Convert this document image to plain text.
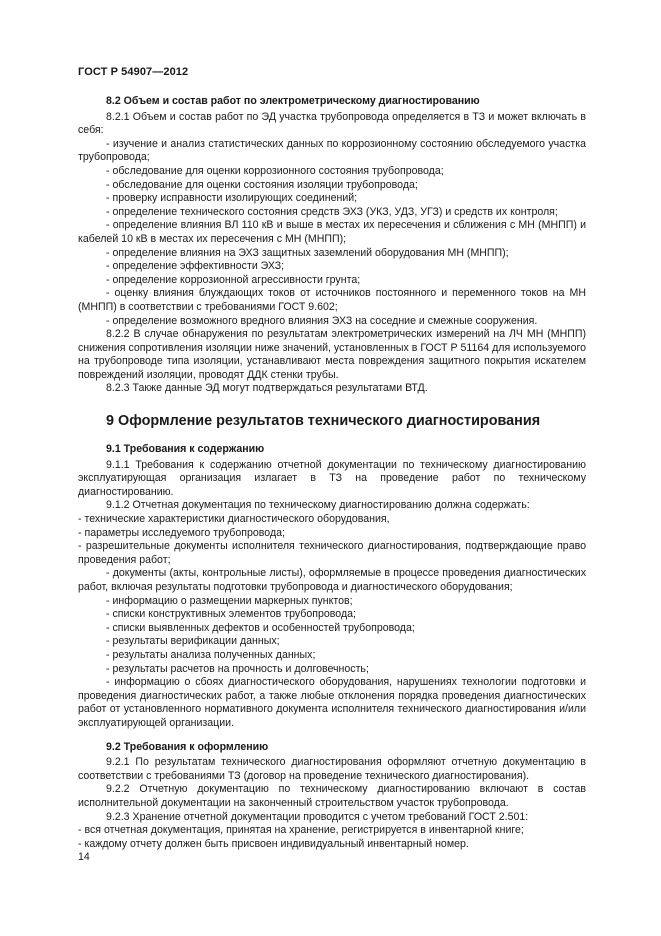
ГОСТ Р 54907—2012
8.2 Объем и состав работ по электрометрическому диагностированию

8.2.1 Объем и состав работ по ЭД участка трубопровода определяется в ТЗ и может включать в себя:

- изучение и анализ статистических данных по коррозионному состоянию обследуемого участка трубопровода;

- обследование для оценки коррозионного состояния трубопровода;

- обследование для оценки состояния изоляции трубопровода;

- проверку исправности изолирующих соединений;

- определение технического состояния средств ЭХЗ (УКЗ, УДЗ, УГЗ) и средств их контроля;

- определение влияния ВЛ 110 кВ и выше в местах их пересечения и сближения с МН (МНПП) и кабелей 10 кВ в местах их пересечения с МН (МНПП);

- определение влияния на ЭХЗ защитных заземлений оборудования МН (МНПП);

- определение эффективности ЭХЗ;

- определение коррозионной агрессивности грунта;

- оценку влияния блуждающих токов от источников постоянного и переменного токов на МН (МНПП) в соответствии с требованиями ГОСТ 9.602;

- определение возможного вредного влияния ЭХЗ на соседние и смежные сооружения.

8.2.2 В случае обнаружения по результатам электрометрических измерений на ЛЧ МН (МНПП) снижения сопротивления изоляции ниже значений, установленных в ГОСТ Р 51164 для используемого на трубопроводе типа изоляции, устанавливают места повреждения защитного покрытия искателем повреждений изоляции, проводят ДДК стенки трубы.

8.2.3 Также данные ЭД могут подтверждаться результатами ВТД.

9 Оформление результатов технического диагностирования
9.1 Требования к содержанию

9.1.1 Требования к содержанию отчетной документации по техническому диагностированию эксплуатирующая организация излагает в ТЗ на проведение работ по техническому диагностированию.

9.1.2 Отчетная документация по техническому диагностированию должна содержать:

- технические характеристики диагностического оборудования,

- параметры исследуемого трубопровода;

- разрешительные документы исполнителя технического диагностирования, подтверждающие право проведения работ;

- документы (акты, контрольные листы), оформляемые в процессе проведения диагностических работ, включая результаты подготовки трубопровода и диагностического оборудования;

- информацию о размещении маркерных пунктов;

- списки конструктивных элементов трубопровода;

- списки выявленных дефектов и особенностей трубопровода;

- результаты верификации данных;

- результаты анализа полученных данных;

- результаты расчетов на прочность и долговечность;

- информацию о сбоях диагностического оборудования, нарушениях технологии подготовки и проведения диагностических работ, а также любые отклонения порядка проведения диагностических работ от установленного нормативного документа исполнителя технического диагностирования и/или эксплуатирующей организации.

9.2 Требования к оформлению

9.2.1 По результатам технического диагностирования оформляют отчетную документацию в соответствии с требованиями ТЗ (договор на проведение технического диагностирования).

9.2.2 Отчетную документацию по техническому диагностированию включают в состав исполнительной документации на законченный строительством участок трубопровода.

9.2.3 Хранение отчетной документации проводится с учетом требований ГОСТ 2.501:

- вся отчетная документация, принятая на хранение, регистрируется в инвентарной книге;

- каждому отчету должен быть присвоен индивидуальный инвентарный номер.

14
